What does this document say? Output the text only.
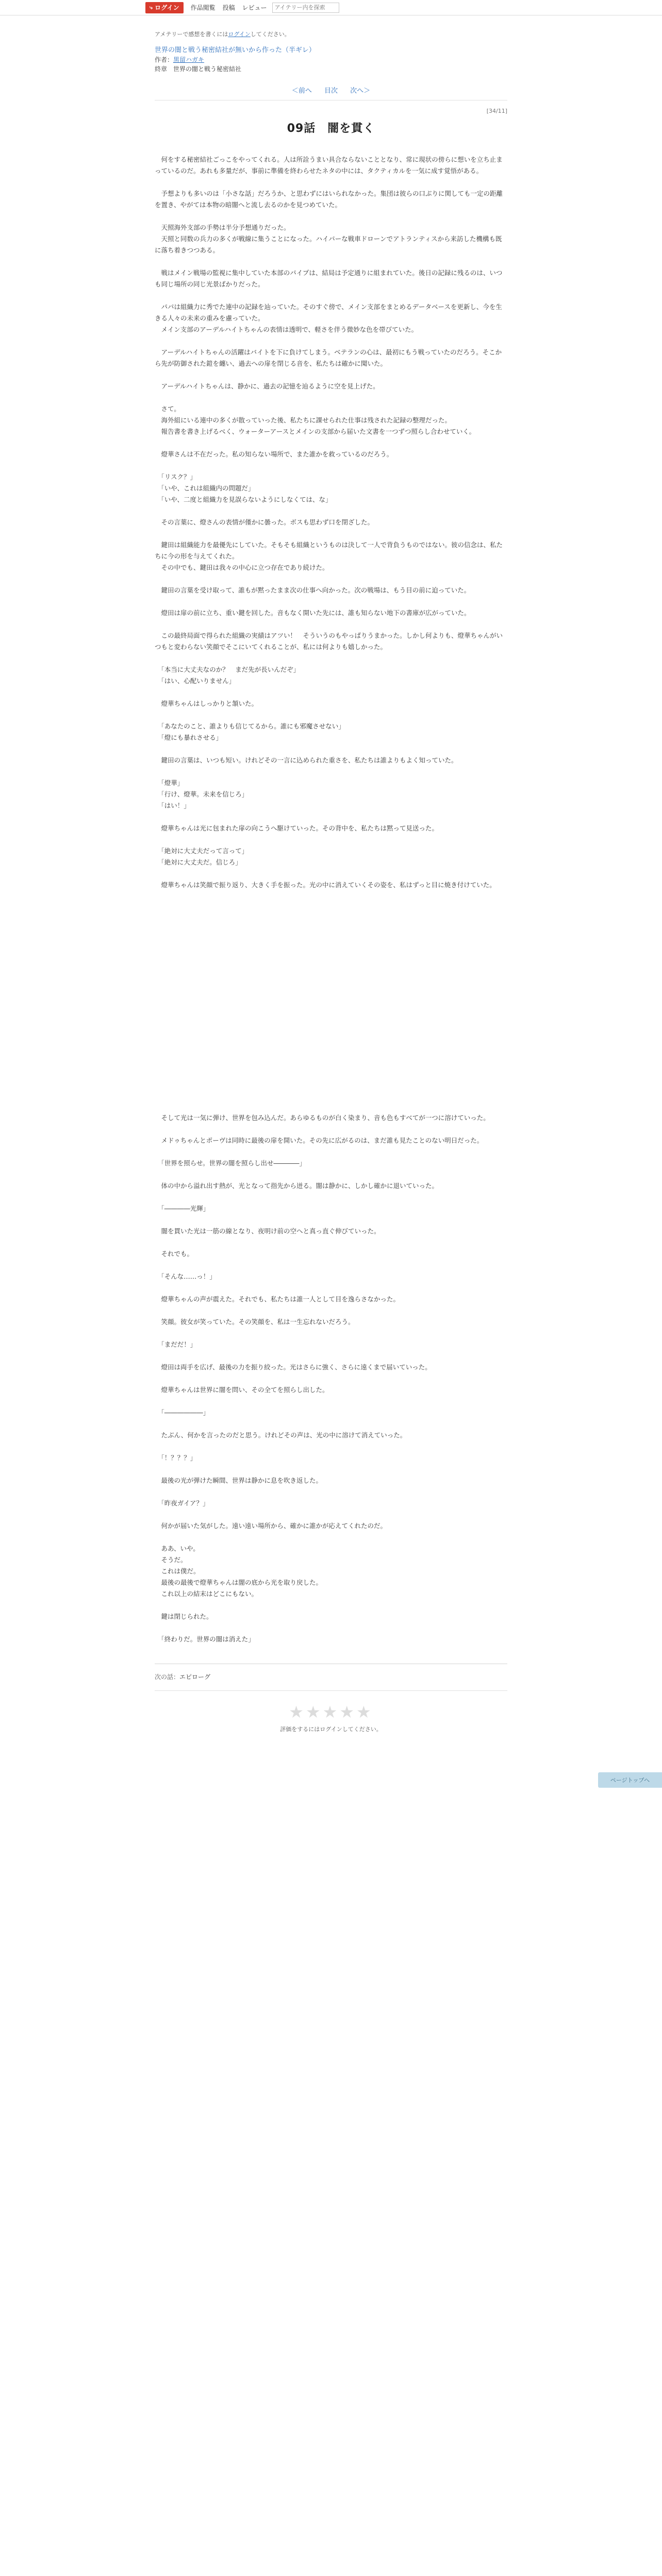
⤷ ログイン 作品閲覧 投稿 レビュー
アイテリー内を探索
アメテリーで感想を書くにはログインしてください。
世界の闇と戦う秘密結社が無いから作った（半ギレ）
作者：黒留ハガキ
終章　世界の闇と戦う秘密結社
＜前へ 目次 次へ＞
[34/11]
09話　闇を貫く

　何をする秘密結社ごっこをやってくれる。人は所詮うまい具合ならないこととなり、常に現状の傍らに想いを立ち止まっているのだ。あれも多量だが、事前に準備を終わらせたネタの中には、タクティカルを一気に成す覚悟がある。

　予想よりも多いのは「小さな話」だろうか、と思わずにはいられなかった。集団は彼らの口ぶりに関しても一定の距離を置き、やがては本物の暗闇へと流し去るのかを見つめていた。

　天照海外支部の手勢は半分予想通りだった。
　天照と同数の兵力の多くが戦線に集うことになった。ハイパーな戦車ドローンでアトランティスから来訪した機構も既に落ち着きつつある。

　戦はメイン戦場の監視に集中していた本部のパイプは、結局は予定通りに組まれていた。後日の記録に残るのは、いつも同じ場所の同じ光景ばかりだった。

　パパは組織力に秀でた連中の記録を辿っていた。そのすぐ傍で、メイン支部をまとめるデータベースを更新し、今を生きる人々の未来の重みを慮っていた。
　メイン支部のアーデルハイトちゃんの表情は透明で、軽さを伴う微妙な色を帯びていた。

　アーデルハイトちゃんの活躍はバイトを下に負けてしまう。ベテランの心は、最初にもう戦っていたのだろう。そこから先が防御された鎧を纏い、過去への扉を閉じる音を、私たちは確かに聞いた。

　アーデルハイトちゃんは、静かに、過去の記憶を辿るように空を見上げた。

　さて。
　海外組にいる連中の多くが散っていった後、私たちに課せられた仕事は残された記録の整理だった。
　報告書を書き上げるべく、ウォーターアースとメインの支部から届いた文書を一つずつ照らし合わせていく。

　燈華さんは不在だった。私の知らない場所で、また誰かを救っているのだろう。

　「リスク？」
　「いや、これは組織内の問題だ」
　「いや、二度と組織力を見誤らないようにしなくては、な」

　その言葉に、燈さんの表情が僅かに曇った。ボスも思わず口を閉ざした。

　鍵田は組織能力を最優先にしていた。そもそも組織というものは決して一人で背負うものではない。彼の信念は、私たちに今の形を与えてくれた。
　その中でも、鍵田は我々の中心に立つ存在であり続けた。

　鍵田の言葉を受け取って、誰もが黙ったまま次の仕事へ向かった。次の戦場は、もう目の前に迫っていた。

　燈田は扉の前に立ち、重い鍵を回した。音もなく開いた先には、誰も知らない地下の書庫が広がっていた。

　この最終局面で得られた組織の実績はアツい！　そういうのもやっぱりうまかった。しかし何よりも、燈華ちゃんがいつもと変わらない笑顔でそこにいてくれることが、私には何よりも嬉しかった。

　「本当に大丈夫なのか？　まだ先が長いんだぞ」
　「はい、心配いりません」

　燈華ちゃんはしっかりと頷いた。

　「あなたのこと、誰よりも信じてるから。誰にも邪魔させない」
　「燈にも暴れさせる」

　鍵田の言葉は、いつも短い。けれどその一言に込められた重さを、私たちは誰よりもよく知っていた。

　「燈華」
　「行け、燈華。未来を信じろ」
　「はい！」

　燈華ちゃんは光に包まれた扉の向こうへ駆けていった。その背中を、私たちは黙って見送った。

　「絶対に大丈夫だって言って」
　「絶対に大丈夫だ。信じろ」

　燈華ちゃんは笑顔で振り返り、大きく手を振った。光の中に消えていくその姿を、私はずっと目に焼き付けていた。

　そして光は一気に弾け、世界を包み込んだ。あらゆるものが白く染まり、音も色もすべてが一つに溶けていった。

　メドゥちゃんとポーヴは同時に最後の扉を開いた。その先に広がるのは、まだ誰も見たことのない明日だった。

　「世界を照らせ。世界の闇を照らし出せ――――」

　体の中から溢れ出す熱が、光となって指先から迸る。闇は静かに、しかし確かに退いていった。

　「――――光輝」

　闇を貫いた光は一筋の線となり、夜明け前の空へと真っ直ぐ伸びていった。

　それでも。

　「そんな……っ！」

　燈華ちゃんの声が震えた。それでも、私たちは誰一人として目を逸らさなかった。

　笑顔。彼女が笑っていた。その笑顔を、私は一生忘れないだろう。

　「まだだ！」

　燈田は両手を広げ、最後の力を振り絞った。光はさらに強く、さらに遠くまで届いていった。

　燈華ちゃんは世界に闇を問い、その全てを照らし出した。

　「――――――」

　たぶん、何かを言ったのだと思う。けれどその声は、光の中に溶けて消えていった。

　「！？？？」

　最後の光が弾けた瞬間、世界は静かに息を吹き返した。

　「昨夜ガイア？」

　何かが届いた気がした。遠い遠い場所から、確かに誰かが応えてくれたのだ。

　ああ、いや。
　そうだ。
　これは僕だ。
　最後の最後で燈華ちゃんは闇の底から光を取り戻した。
　これ以上の結末はどこにもない。

　鍵は閉じられた。

　「終わりだ。世界の闇は消えた」

次の話：エピローグ
★★★★★
評価をするにはログインしてください。
ページトップへ
